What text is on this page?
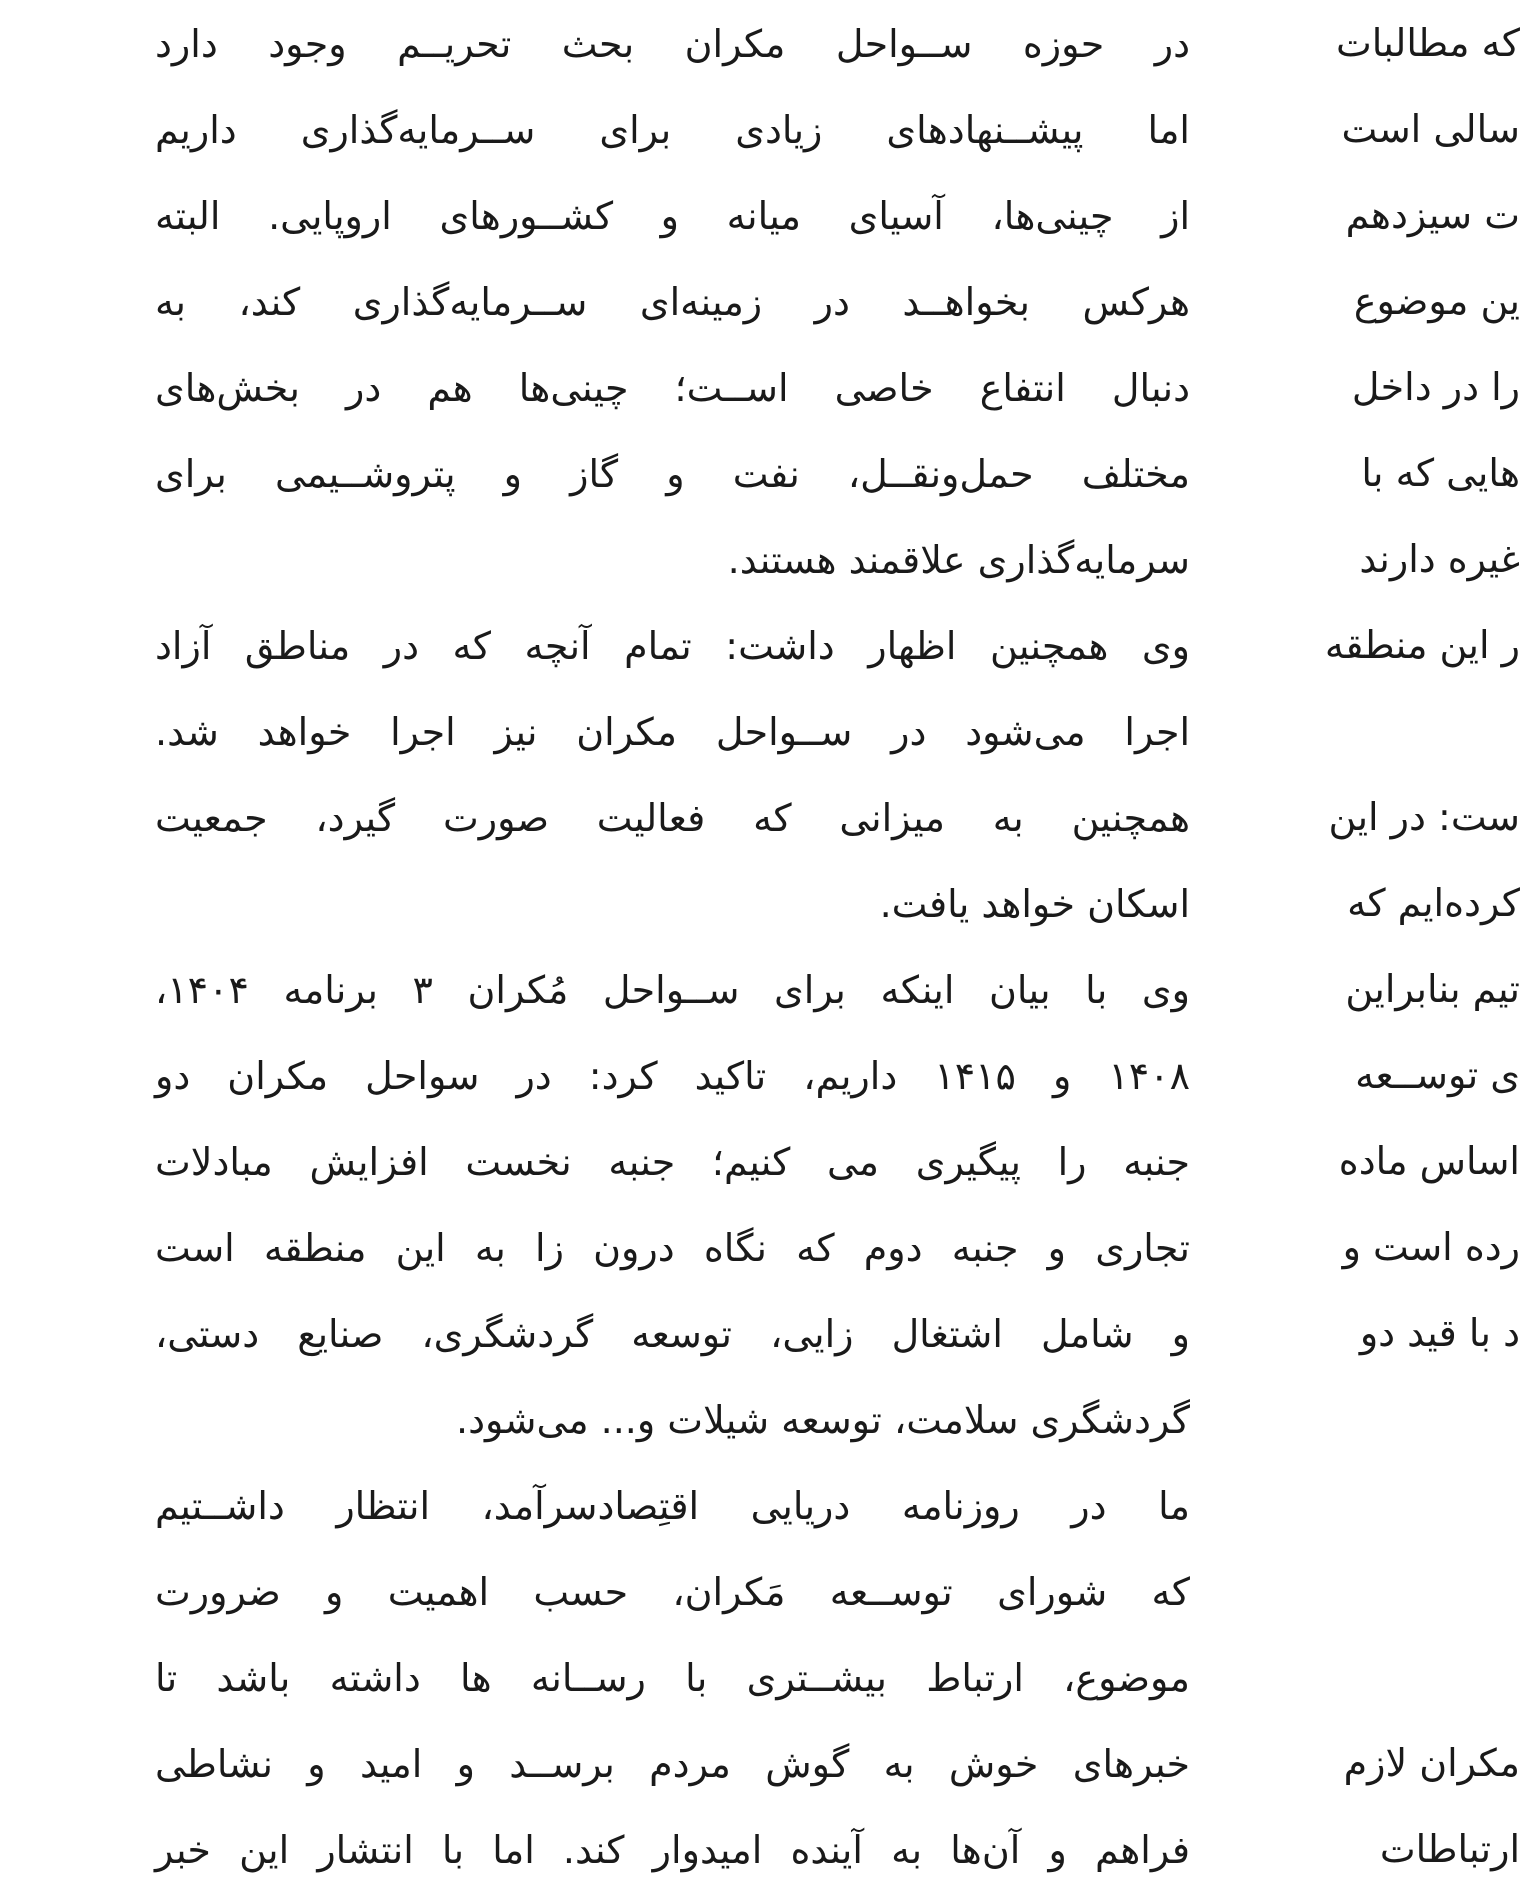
در حوزه ســواحل مکران بحث تحریــم وجود دارد
اما پیشــنهادهای زیادی برای ســرمایه‌گذاری داریم
از چینی‌ها، آسیای میانه و کشــورهای اروپایی. البته
هرکس بخواهــد در زمینه‌ای ســرمایه‌گذاری کند، به
دنبال انتفاع خاصی اســت؛ چینی‌ها هم در بخش‌های
مختلف حمل‌ونقــل، نفت و گاز و پتروشــیمی برای
سرمایه‌گذاری علاقمند هستند.
وی همچنین اظهار داشت: تمام آنچه که در مناطق آزاد
اجرا می‌شود در ســواحل مکران نیز اجرا خواهد شد.
همچنین به میزانی که فعالیت صورت گیرد، جمعیت
اسکان خواهد یافت.
وی با بیان اینکه برای ســواحل مُکران ۳ برنامه ۱۴۰۴،
۱۴۰۸ و ۱۴۱۵ داریم، تاکید کرد: در سواحل مکران دو
جنبه را پیگیری می کنیم؛ جنبه نخست افزایش مبادلات
تجاری و جنبه دوم که نگاه درون زا به این منطقه است
و شامل اشتغال زایی، توسعه گردشگری، صنایع دستی،
گردشگری سلامت، توسعه شیلات و... می‌شود.
ما در روزنامه دریایی اقتِصادسرآمد، انتظار داشــتیم
که شورای توســعه مَکران، حسب اهمیت و ضرورت
موضوع، ارتباط بیشــتری با رســانه ها داشته باشد تا
خبرهای خوش به گوش مردم برســد و امید و نشاطی
فراهم و آن‌ها به آینده امیدوار کند. اما با انتشار این خبر
که مطالبات
سالی است
ت سیزدهم
ین موضوع
را در داخل
‌هایی که با
غیره دارند
ر این منطقه
ست: در این
کرده‌ایم که
تیم بنابراین
ی توســعه
اساس ماده
رده است و
د با قید دو
مکران لازم
ارتباطات
